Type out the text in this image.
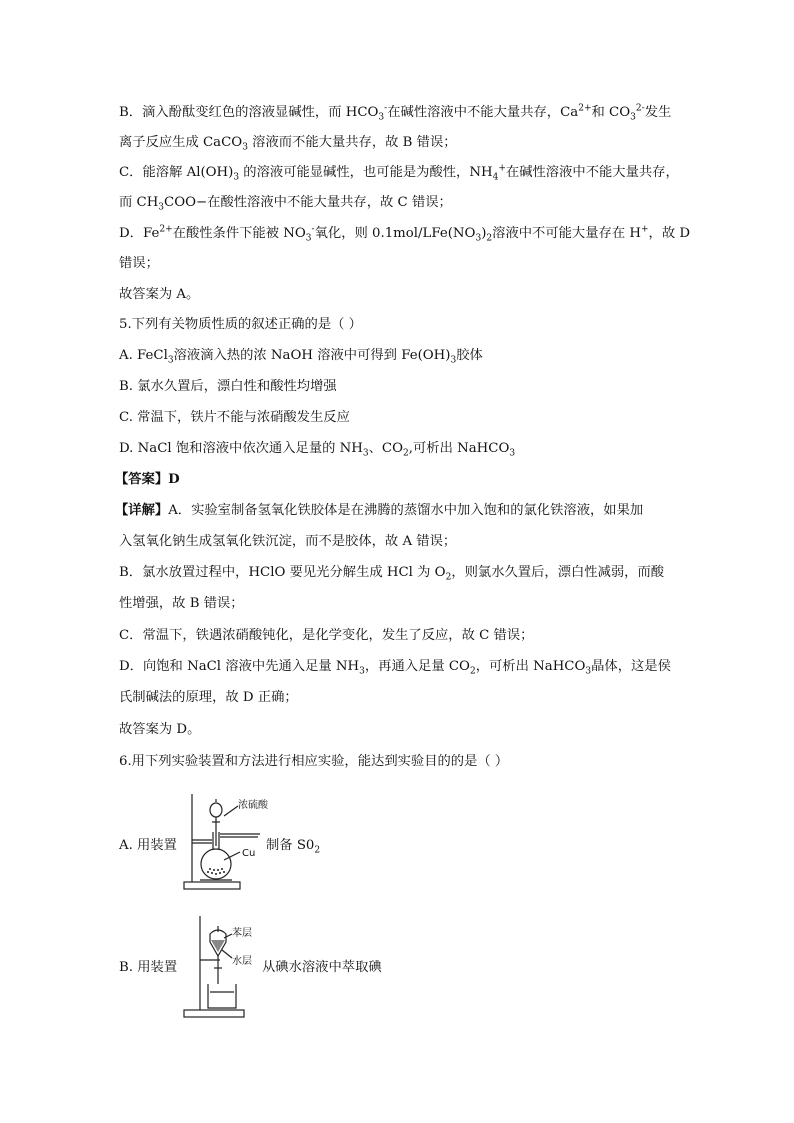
B．滴入酚酞变红色的溶液显碱性，而 $HCO_3^-$在碱性溶液中不能大量共存，$Ca^{2+}$和 $CO_3^{2-}$发生
离子反应生成 CaCO$_3$ 溶液而不能大量共存，故 B 错误；
C．能溶解 $Al(OH)_3$ 的溶液可能显碱性，也可能是为酸性，$NH_4^+$在碱性溶液中不能大量共存，
而 $CH_3COO-$在酸性溶液中不能大量共存，故 C 错误；
D．$Fe^{2+}$在酸性条件下能被 $NO_3^-$氧化，则 $0.1mol/LFe(NO_3)_2$溶液中不可能大量存在 H+，故 D
错误；
故答案为 A。
5.下列有关物质性质的叙述正确的是（ ）
A. FeCl$_3$溶液滴入热的浓 NaOH 溶液中可得到 $Fe(OH)_3$胶体
B. 氯水久置后，漂白性和酸性均增强
C. 常温下，铁片不能与浓硝酸发生反应
D. NaCl 饱和溶液中依次通入足量的 $NH_3$、$CO_2$,可析出 NaHCO$_3$
【答案】D
【详解】A．实验室制备氢氧化铁胶体是在沸腾的蒸馏水中加入饱和的氯化铁溶液，如果加
入氢氧化钠生成氢氧化铁沉淀，而不是胶体，故 A 错误；
B．氯水放置过程中，HClO 要见光分解生成 HCl 为 $O_2$，则氯水久置后，漂白性减弱，而酸
性增强，故 B 错误；
C．常温下，铁遇浓硝酸钝化，是化学变化，发生了反应，故 C 错误；
D．向饱和 NaCl 溶液中先通入足量 $NH_3$，再通入足量 $CO_2$，可析出 NaHCO$_3$晶体，这是侯
氏制碱法的原理，故 D 正确；
故答案为 D。
6.用下列实验装置和方法进行相应实验，能达到实验目的的是（ ）
A. 用装置	制备 $S0_2$
浓硫酸
Cu
B. 用装置	从碘水溶液中萃取碘
苯层
水层
